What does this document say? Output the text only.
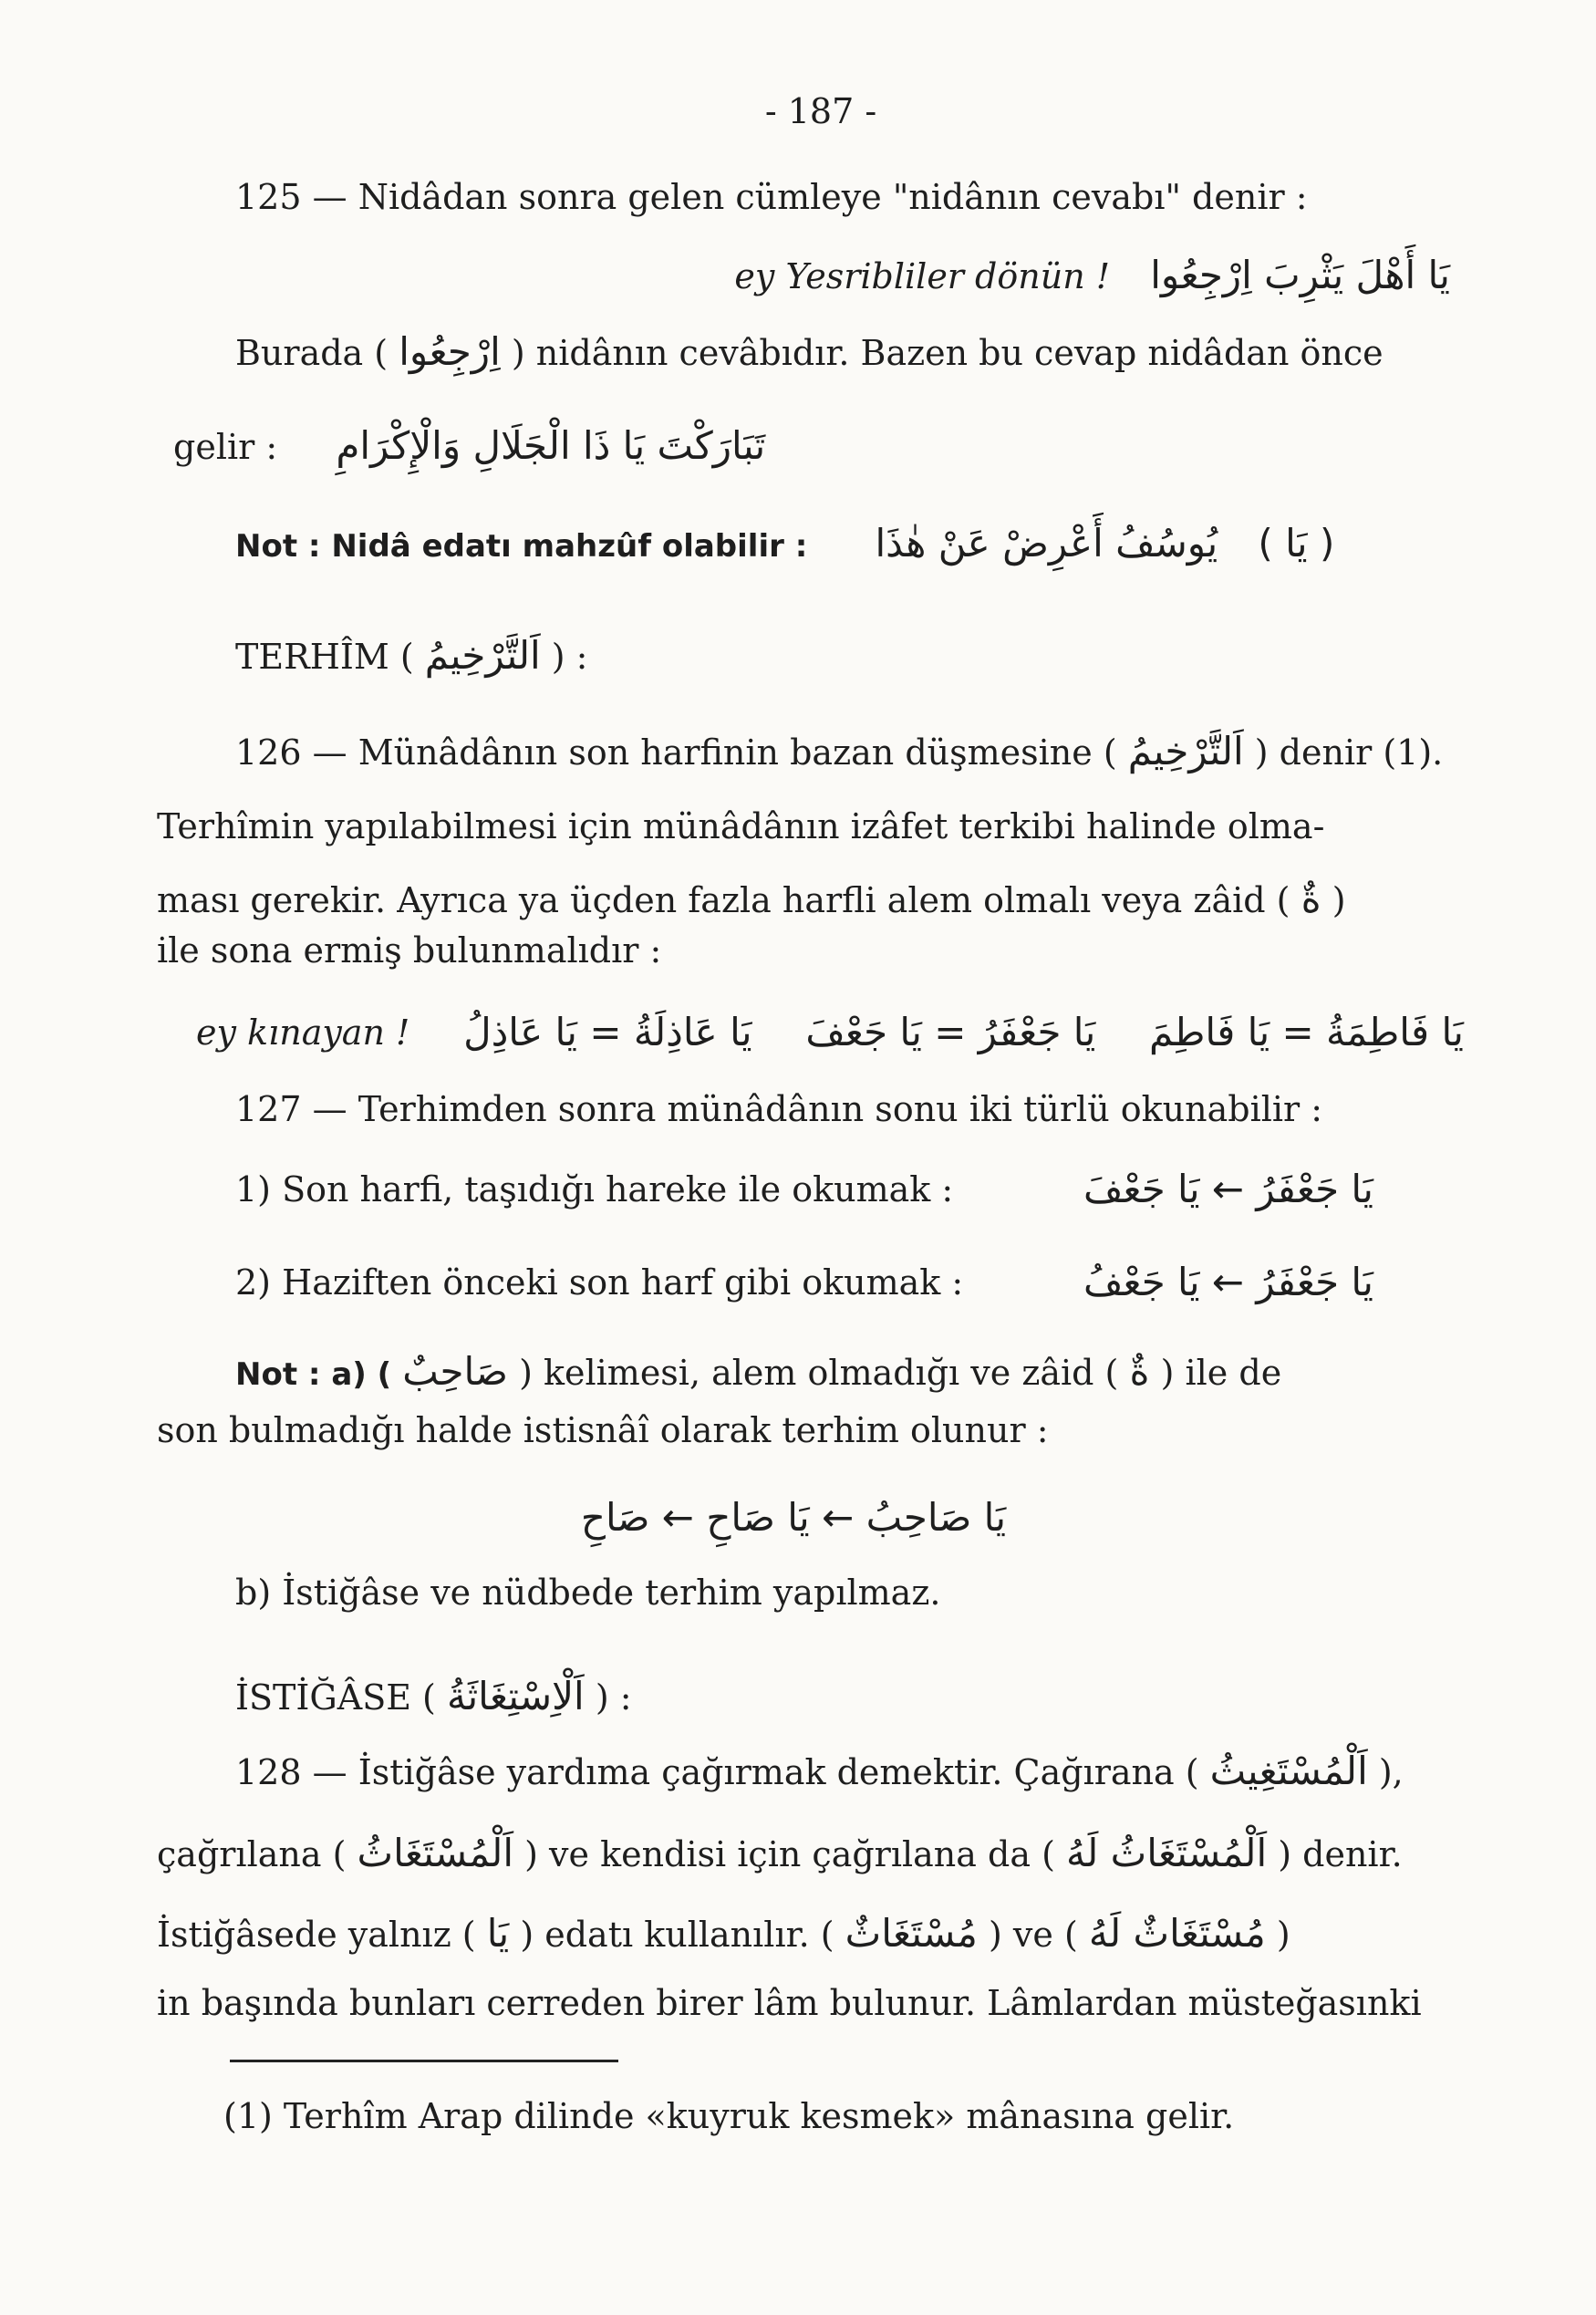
- 187 -
125 — Nidâdan sonra gelen cümleye "nidânın cevabı" denir :
ey Yesribliler dönün ! يَا أَهْلَ يَثْرِبَ اِرْجِعُوا
Burada ( اِرْجِعُوا ) nidânın cevâbıdır. Bazen bu cevap nidâdan önce
gelir : تَبَارَكْتَ يَا ذَا الْجَلَالِ وَالْإِكْرَامِ
Not : Nidâ edatı mahzûf olabilir : يُوسُفُ أَعْرِضْ عَنْ هٰذَا ( يَا )
TERHÎM ( اَلتَّرْخِيمُ ) :
126 — Münâdânın son harfinin bazan düşmesine ( اَلتَّرْخِيمُ ) denir (1).
Terhîmin yapılabilmesi için münâdânın izâfet terkibi halinde olma-
ması gerekir. Ayrıca ya üçden fazla harfli alem olmalı veya zâid ( ةٌ )
ile sona ermiş bulunmalıdır :
ey kınayan ! يَا عَاذِلَةُ = يَا عَاذِلُ يَا جَعْفَرُ = يَا جَعْفَ يَا فَاطِمَةُ = يَا فَاطِمَ
127 — Terhimden sonra münâdânın sonu iki türlü okunabilir :
1) Son harfi, taşıdığı hareke ile okumak :	يَا جَعْفَرُ ← يَا جَعْفَ
2) Haziften önceki son harf gibi okumak :	يَا جَعْفَرُ ← يَا جَعْفُ
Not : a) ( صَاحِبٌ ) kelimesi, alem olmadığı ve zâid ( ةٌ ) ile de
son bulmadığı halde istisnâî olarak terhim olunur :
يَا صَاحِبُ ← يَا صَاحِ ← صَاحِ
b) İstiğâse ve nüdbede terhim yapılmaz.
İSTİĞÂSE ( اَلْاِسْتِغَاثَةُ ) :
128 — İstiğâse yardıma çağırmak demektir. Çağırana ( اَلْمُسْتَغِيثُ ),
çağrılana ( اَلْمُسْتَغَاثُ ) ve kendisi için çağrılana da ( اَلْمُسْتَغَاثُ لَهُ ) denir.
İstiğâsede yalnız ( يَا ) edatı kullanılır. ( مُسْتَغَاثٌ ) ve ( مُسْتَغَاثٌ لَهُ )
in başında bunları cerreden birer lâm bulunur. Lâmlardan müsteğasınki
(1) Terhîm Arap dilinde «kuyruk kesmek» mânasına gelir.
